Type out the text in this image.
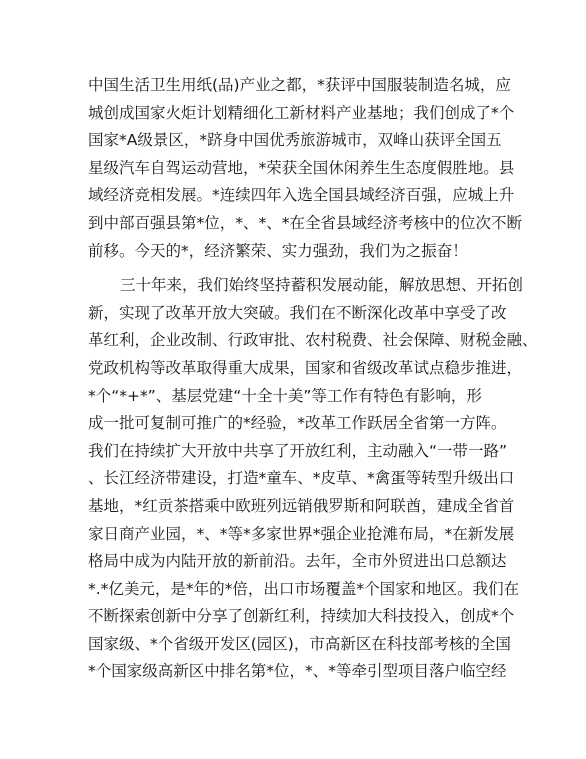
中国生活卫生用纸(品)产业之都，*获评中国服装制造名城，应
城创成国家火炬计划精细化工新材料产业基地；我们创成了*个
国家*A级景区，*跻身中国优秀旅游城市，双峰山获评全国五
星级汽车自驾运动营地，*荣获全国休闲养生生态度假胜地。县
域经济竞相发展。*连续四年入选全国县域经济百强，应城上升
到中部百强县第*位，*、*、*在全省县域经济考核中的位次不断
前移。今天的*，经济繁荣、实力强劲，我们为之振奋！
三十年来，我们始终坚持蓄积发展动能，解放思想、开拓创
新，实现了改革开放大突破。我们在不断深化改革中享受了改
革红利，企业改制、行政审批、农村税费、社会保障、财税金融、
党政机构等改革取得重大成果，国家和省级改革试点稳步推进，
*个“*+*”、基层党建“十全十美”等工作有特色有影响，形
成一批可复制可推广的*经验，*改革工作跃居全省第一方阵。
我们在持续扩大开放中共享了开放红利，主动融入“一带一路”
、长江经济带建设，打造*童车、*皮草、*禽蛋等转型升级出口
基地，*红贡茶搭乘中欧班列远销俄罗斯和阿联酋，建成全省首
家日商产业园，*、*等*多家世界*强企业抢滩布局，*在新发展
格局中成为内陆开放的新前沿。去年，全市外贸进出口总额达
*.*亿美元，是*年的*倍，出口市场覆盖*个国家和地区。我们在
不断探索创新中分享了创新红利，持续加大科技投入，创成*个
国家级、*个省级开发区(园区)，市高新区在科技部考核的全国
*个国家级高新区中排名第*位，*、*等牵引型项目落户临空经
